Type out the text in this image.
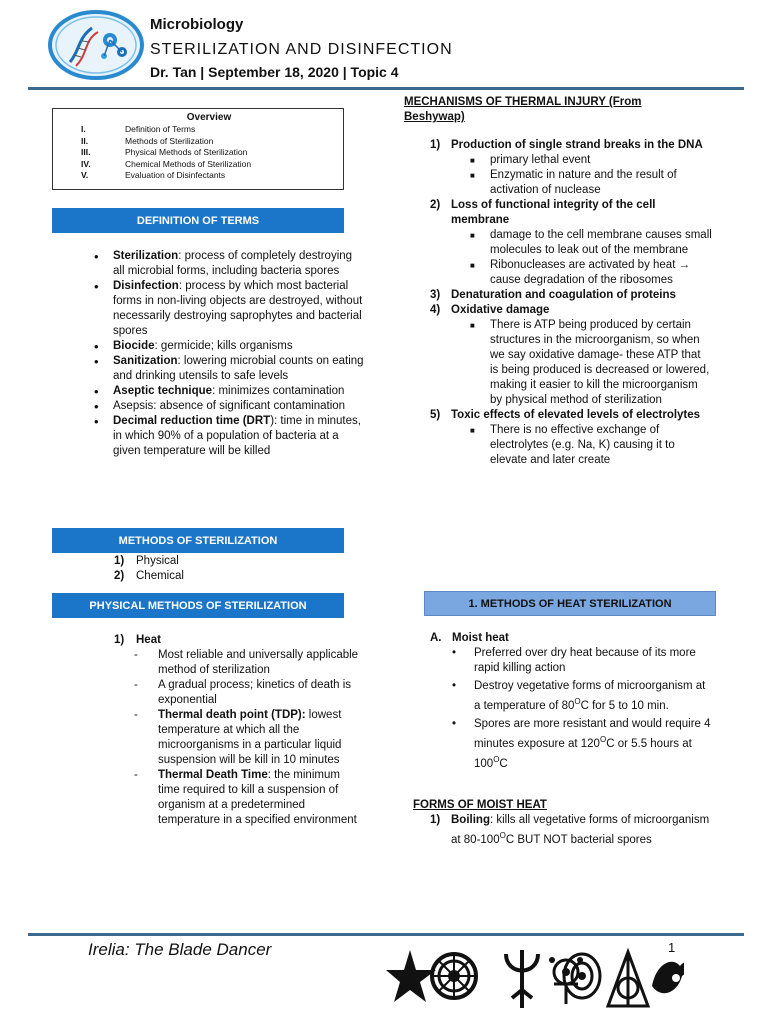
Microbiology
STERILIZATION AND DISINFECTION
Dr. Tan | September 18, 2020 | Topic 4
Overview
I.	Definition of Terms
II.	Methods of Sterilization
III.	Physical Methods of Sterilization
IV.	Chemical Methods of Sterilization
V.	Evaluation of Disinfectants
DEFINITION OF TERMS
• Sterilization: process of completely destroying all microbial forms, including bacteria spores
• Disinfection: process by which most bacterial forms in non-living objects are destroyed, without necessarily destroying saprophytes and bacterial spores
• Biocide: germicide; kills organisms
• Sanitization: lowering microbial counts on eating and drinking utensils to safe levels
• Aseptic technique: minimizes contamination
• Asepsis: absence of significant contamination
• Decimal reduction time (DRT): time in minutes, in which 90% of a population of bacteria at a given temperature will be killed
METHODS OF STERILIZATION
1) Physical
2) Chemical
PHYSICAL METHODS OF STERILIZATION
1) Heat
- Most reliable and universally applicable method of sterilization
- A gradual process; kinetics of death is exponential
- Thermal death point (TDP): lowest temperature at which all the microorganisms in a particular liquid suspension will be kill in 10 minutes
- Thermal Death Time: the minimum time required to kill a suspension of organism at a predetermined temperature in a specified environment
MECHANISMS OF THERMAL INJURY (From Beshywap)
1) Production of single strand breaks in the DNA
■ primary lethal event
■ Enzymatic in nature and the result of activation of nuclease
2) Loss of functional integrity of the cell membrane
■ damage to the cell membrane causes small molecules to leak out of the membrane
■ Ribonucleases are activated by heat → cause degradation of the ribosomes
3) Denaturation and coagulation of proteins
4) Oxidative damage
■ There is ATP being produced by certain structures in the microorganism, so when we say oxidative damage- these ATP that is being produced is decreased or lowered, making it easier to kill the microorganism by physical method of sterilization
5) Toxic effects of elevated levels of electrolytes
■ There is no effective exchange of electrolytes (e.g. Na, K) causing it to elevate and later create
1. METHODS OF HEAT STERILIZATION
A. Moist heat
• Preferred over dry heat because of its more rapid killing action
• Destroy vegetative forms of microorganism at a temperature of $80^OC$ for 5 to 10 min.
• Spores are more resistant and would require 4 minutes exposure at $120^OC$ or 5.5 hours at $100^OC$
FORMS OF MOIST HEAT
1) Boiling: kills all vegetative forms of microorganism at $80-100^OC$ BUT NOT bacterial spores
Irelia: The Blade Dancer	1
